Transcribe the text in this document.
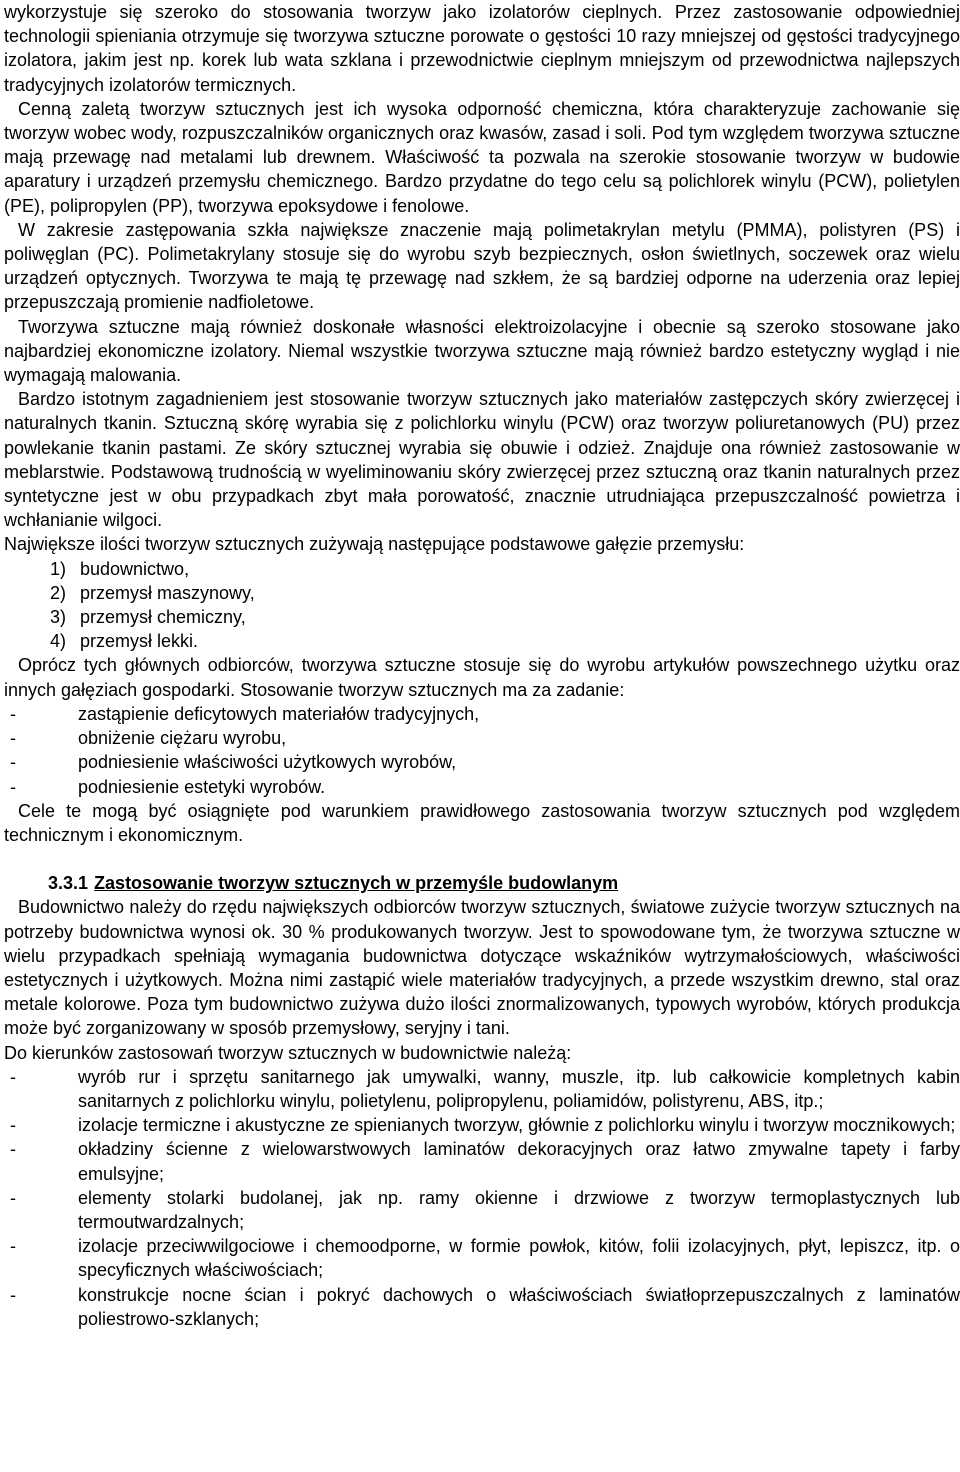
wykorzystuje się szeroko do stosowania tworzyw jako izolatorów cieplnych. Przez zastosowanie odpowiedniej technologii spieniania otrzymuje się tworzywa sztuczne porowate o gęstości 10 razy mniejszej od gęstości tradycyjnego izolatora, jakim jest np. korek lub wata szklana i przewodnictwie cieplnym mniejszym od przewodnictwa najlepszych tradycyjnych izolatorów termicznych.

Cenną zaletą tworzyw sztucznych jest ich wysoka odporność chemiczna, która charakteryzuje zachowanie się tworzyw wobec wody, rozpuszczalników organicznych oraz kwasów, zasad i soli. Pod tym względem tworzywa sztuczne mają przewagę nad metalami lub drewnem. Właściwość ta pozwala na szerokie stosowanie tworzyw w budowie aparatury i urządzeń przemysłu chemicznego. Bardzo przydatne do tego celu są polichlorek winylu (PCW), polietylen (PE), polipropylen (PP), tworzywa epoksydowe i fenolowe.

W zakresie zastępowania szkła największe znaczenie mają polimetakrylan metylu (PMMA), polistyren (PS) i poliwęglan (PC). Polimetakrylany stosuje się do wyrobu szyb bezpiecznych, osłon świetlnych, soczewek oraz wielu urządzeń optycznych. Tworzywa te mają tę przewagę nad szkłem, że są bardziej odporne na uderzenia oraz lepiej przepuszczają promienie nadfioletowe.

Tworzywa sztuczne mają również doskonałe własności elektroizolacyjne i obecnie są szeroko stosowane jako najbardziej ekonomiczne izolatory. Niemal wszystkie tworzywa sztuczne mają również bardzo estetyczny wygląd i nie wymagają malowania.

Bardzo istotnym zagadnieniem jest stosowanie tworzyw sztucznych jako materiałów zastępczych skóry zwierzęcej i naturalnych tkanin. Sztuczną skórę wyrabia się z polichlorku winylu (PCW) oraz tworzyw poliuretanowych (PU) przez powlekanie tkanin pastami. Ze skóry sztucznej wyrabia się obuwie i odzież. Znajduje ona również zastosowanie w meblarstwie. Podstawową trudnością w wyeliminowaniu skóry zwierzęcej przez sztuczną oraz tkanin naturalnych przez syntetyczne jest w obu przypadkach zbyt mała porowatość, znacznie utrudniająca przepuszczalność powietrza i wchłanianie wilgoci.

Największe ilości tworzyw sztucznych zużywają następujące podstawowe gałęzie przemysłu:

1) budownictwo,
2) przemysł maszynowy,
3) przemysł chemiczny,
4) przemysł lekki.

Oprócz tych głównych odbiorców, tworzywa sztuczne stosuje się do wyrobu artykułów powszechnego użytku oraz innych gałęziach gospodarki. Stosowanie tworzyw sztucznych ma za zadanie:

-	zastąpienie deficytowych materiałów tradycyjnych,
-	obniżenie ciężaru wyrobu,
-	podniesienie właściwości użytkowych wyrobów,
-	podniesienie estetyki wyrobów.

Cele te mogą być osiągnięte pod warunkiem prawidłowego zastosowania tworzyw sztucznych pod względem technicznym i ekonomicznym.

3.3.1 Zastosowanie tworzyw sztucznych w przemyśle budowlanym

Budownictwo należy do rzędu największych odbiorców tworzyw sztucznych, światowe zużycie tworzyw sztucznych na potrzeby budownictwa wynosi ok. 30 % produkowanych tworzyw. Jest to spowodowane tym, że tworzywa sztuczne w wielu przypadkach spełniają wymagania budownictwa dotyczące wskaźników wytrzymałościowych, właściwości estetycznych i użytkowych. Można nimi zastąpić wiele materiałów tradycyjnych, a przede wszystkim drewno, stal oraz metale kolorowe. Poza tym budownictwo zużywa dużo ilości znormalizowanych, typowych wyrobów, których produkcja może być zorganizowany w sposób przemysłowy, seryjny i tani.

Do kierunków zastosowań tworzyw sztucznych w budownictwie należą:

-	wyrób rur i sprzętu sanitarnego jak umywalki, wanny, muszle, itp. lub całkowicie kompletnych kabin sanitarnych z polichlorku winylu, polietylenu, polipropylenu, poliamidów, polistyrenu, ABS, itp.;
-	izolacje termiczne i akustyczne ze spienianych tworzyw, głównie z polichlorku winylu i tworzyw mocznikowych;
-	okładziny ścienne z wielowarstwowych laminatów dekoracyjnych oraz łatwo zmywalne tapety i farby emulsyjne;
-	elementy stolarki budolanej, jak np. ramy okienne i drzwiowe z tworzyw termoplastycznych lub termoutwardzalnych;
-	izolacje przeciwwilgociowe i chemoodporne, w formie powłok, kitów, folii izolacyjnych, płyt, lepiszcz, itp. o specyficznych właściwościach;
-	konstrukcje nocne ścian i pokryć dachowych o właściwościach światłoprzepuszczalnych z laminatów poliestrowo-szklanych;
